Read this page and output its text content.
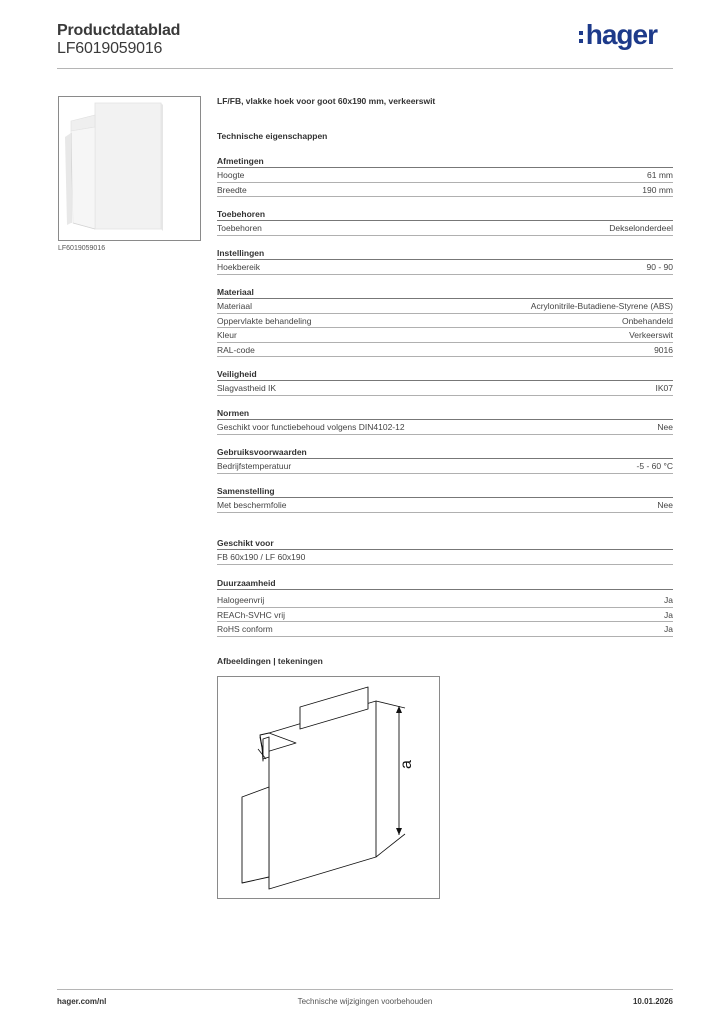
Productdatablad
LF6019059016	hager
LF6019059016
LF/FB, vlakke hoek voor goot 60x190 mm, verkeerswit
Technische eigenschappen
Afmetingen
Hoogte	61 mm
Breedte	190 mm
Toebehoren
Toebehoren	Dekselonderdeel
Instellingen
Hoekbereik	90 - 90
Materiaal
Materiaal	Acrylonitrile-Butadiene-Styrene (ABS)
Oppervlakte behandeling	Onbehandeld
Kleur	Verkeerswit
RAL-code	9016
Veiligheid
Slagvastheid IK	IK07
Normen
Geschikt voor functiebehoud volgens DIN4102-12	Nee
Gebruiksvoorwaarden
Bedrijfstemperatuur	-5 - 60 °C
Samenstelling
Met beschermfolie	Nee
Geschikt voor
FB 60x190 / LF 60x190
Duurzaamheid
Halogeenvrij	Ja
REACh-SVHC vrij	Ja
RoHS conform	Ja
Afbeeldingen | tekeningen
a
hager.com/nl	Technische wijzigingen voorbehouden	10.01.2026
